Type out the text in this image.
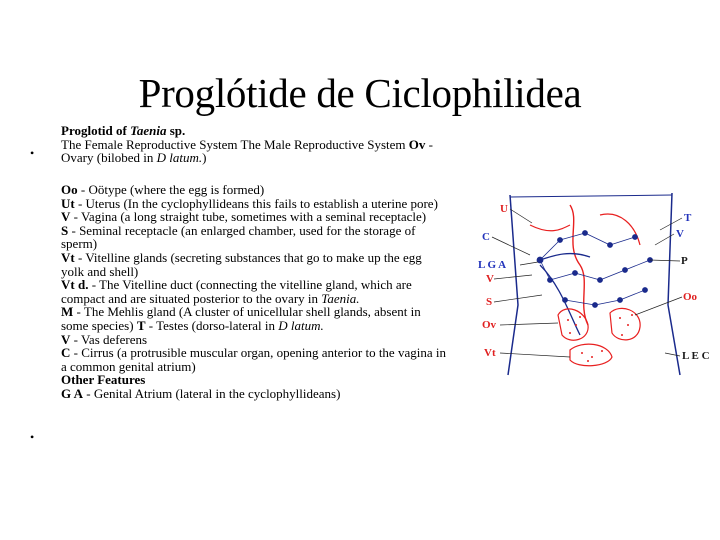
Proglótide de Ciclophilidea
•
•
Proglotid of Taenia sp.
The Female Reproductive System The Male Reproductive System Ov - Ovary (bilobed in D latum.)
Oo - Oötype (where the egg is formed)
Ut - Uterus (In the cyclophyllideans this fails to establish a uterine pore)
V - Vagina (a long straight tube, sometimes with a seminal receptacle)
S - Seminal receptacle (an enlarged chamber, used for the storage of sperm)
Vt - Vitelline glands (secreting substances that go to make up the egg yolk and shell)
Vt d. - The Vitelline duct (connecting the vitelline gland, which are compact and are situated posterior to the ovary in Taenia.
M - The Mehlis gland (A cluster of unicellular shell glands, absent in some species) T - Testes (dorso-lateral in D latum.
V - Vas deferens
C - Cirrus (a protrusible muscular organ, opening anterior to the vagina in a common genital atrium)
Other Features
G A - Genital Atrium (lateral in the cyclophyllideans)
U
C
L G A
V
S
Ov
Vt
T
V
P
Oo
L E C
